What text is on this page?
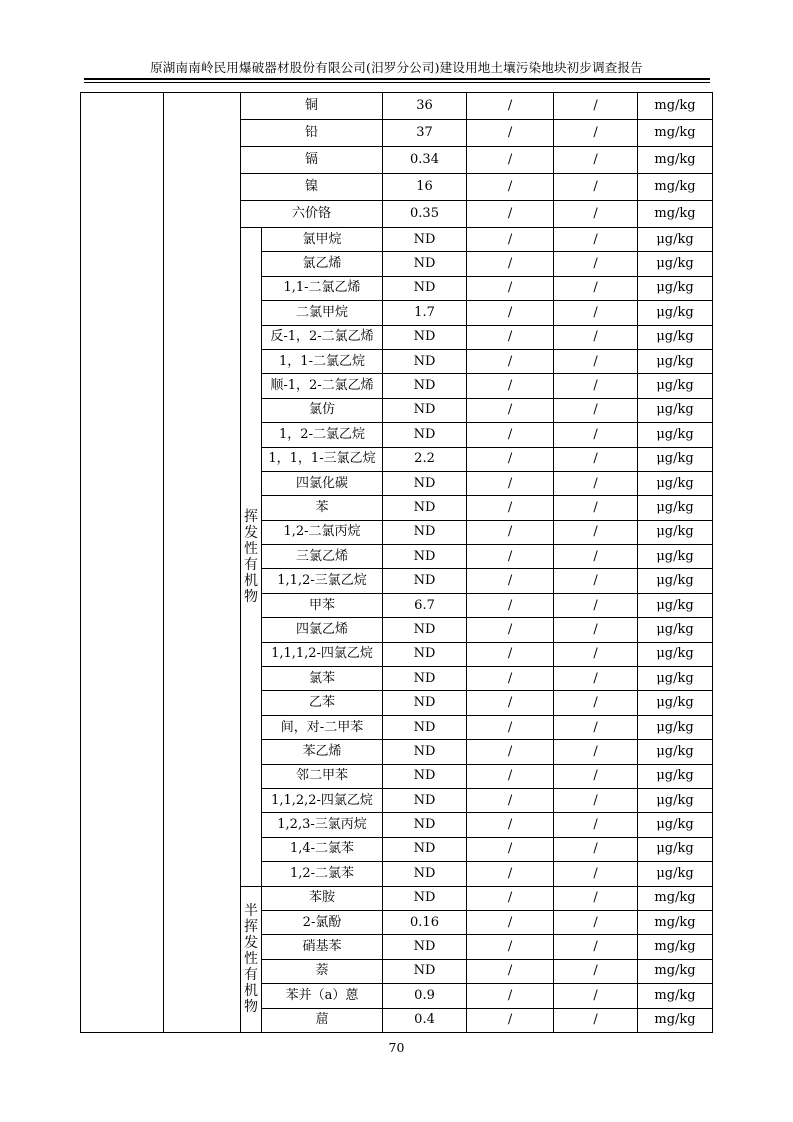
原湖南南岭民用爆破器材股份有限公司(汨罗分公司)建设用地土壤污染地块初步调查报告
		铜		36	/	/	mg/kg
		铅		37	/	/	mg/kg
		镉		0.34	/	/	mg/kg
		镍		16	/	/	mg/kg
		六价铬		0.35	/	/	mg/kg
		挥发性有机物	氯甲烷	ND	/	/	μg/kg
			氯乙烯	ND	/	/	μg/kg
			1,1-二氯乙烯	ND	/	/	μg/kg
			二氯甲烷	1.7	/	/	μg/kg
			反-1，2-二氯乙烯	ND	/	/	μg/kg
			1，1-二氯乙烷	ND	/	/	μg/kg
			顺-1，2-二氯乙烯	ND	/	/	μg/kg
			氯仿	ND	/	/	μg/kg
			1，2-二氯乙烷	ND	/	/	μg/kg
			1，1，1-三氯乙烷	2.2	/	/	μg/kg
			四氯化碳	ND	/	/	μg/kg
			苯	ND	/	/	μg/kg
			1,2-二氯丙烷	ND	/	/	μg/kg
			三氯乙烯	ND	/	/	μg/kg
			1,1,2-三氯乙烷	ND	/	/	μg/kg
			甲苯	6.7	/	/	μg/kg
			四氯乙烯	ND	/	/	μg/kg
			1,1,1,2-四氯乙烷	ND	/	/	μg/kg
			氯苯	ND	/	/	μg/kg
			乙苯	ND	/	/	μg/kg
			间，对-二甲苯	ND	/	/	μg/kg
			苯乙烯	ND	/	/	μg/kg
			邻二甲苯	ND	/	/	μg/kg
			1,1,2,2-四氯乙烷	ND	/	/	μg/kg
			1,2,3-三氯丙烷	ND	/	/	μg/kg
			1,4-二氯苯	ND	/	/	μg/kg
			1,2-二氯苯	ND	/	/	μg/kg
		半挥发性有机物	苯胺	ND	/	/	mg/kg
			2-氯酚	0.16	/	/	mg/kg
			硝基苯	ND	/	/	mg/kg
			萘	ND	/	/	mg/kg
			苯并（a）蒽	0.9	/	/	mg/kg
			䓛	0.4	/	/	mg/kg
70
